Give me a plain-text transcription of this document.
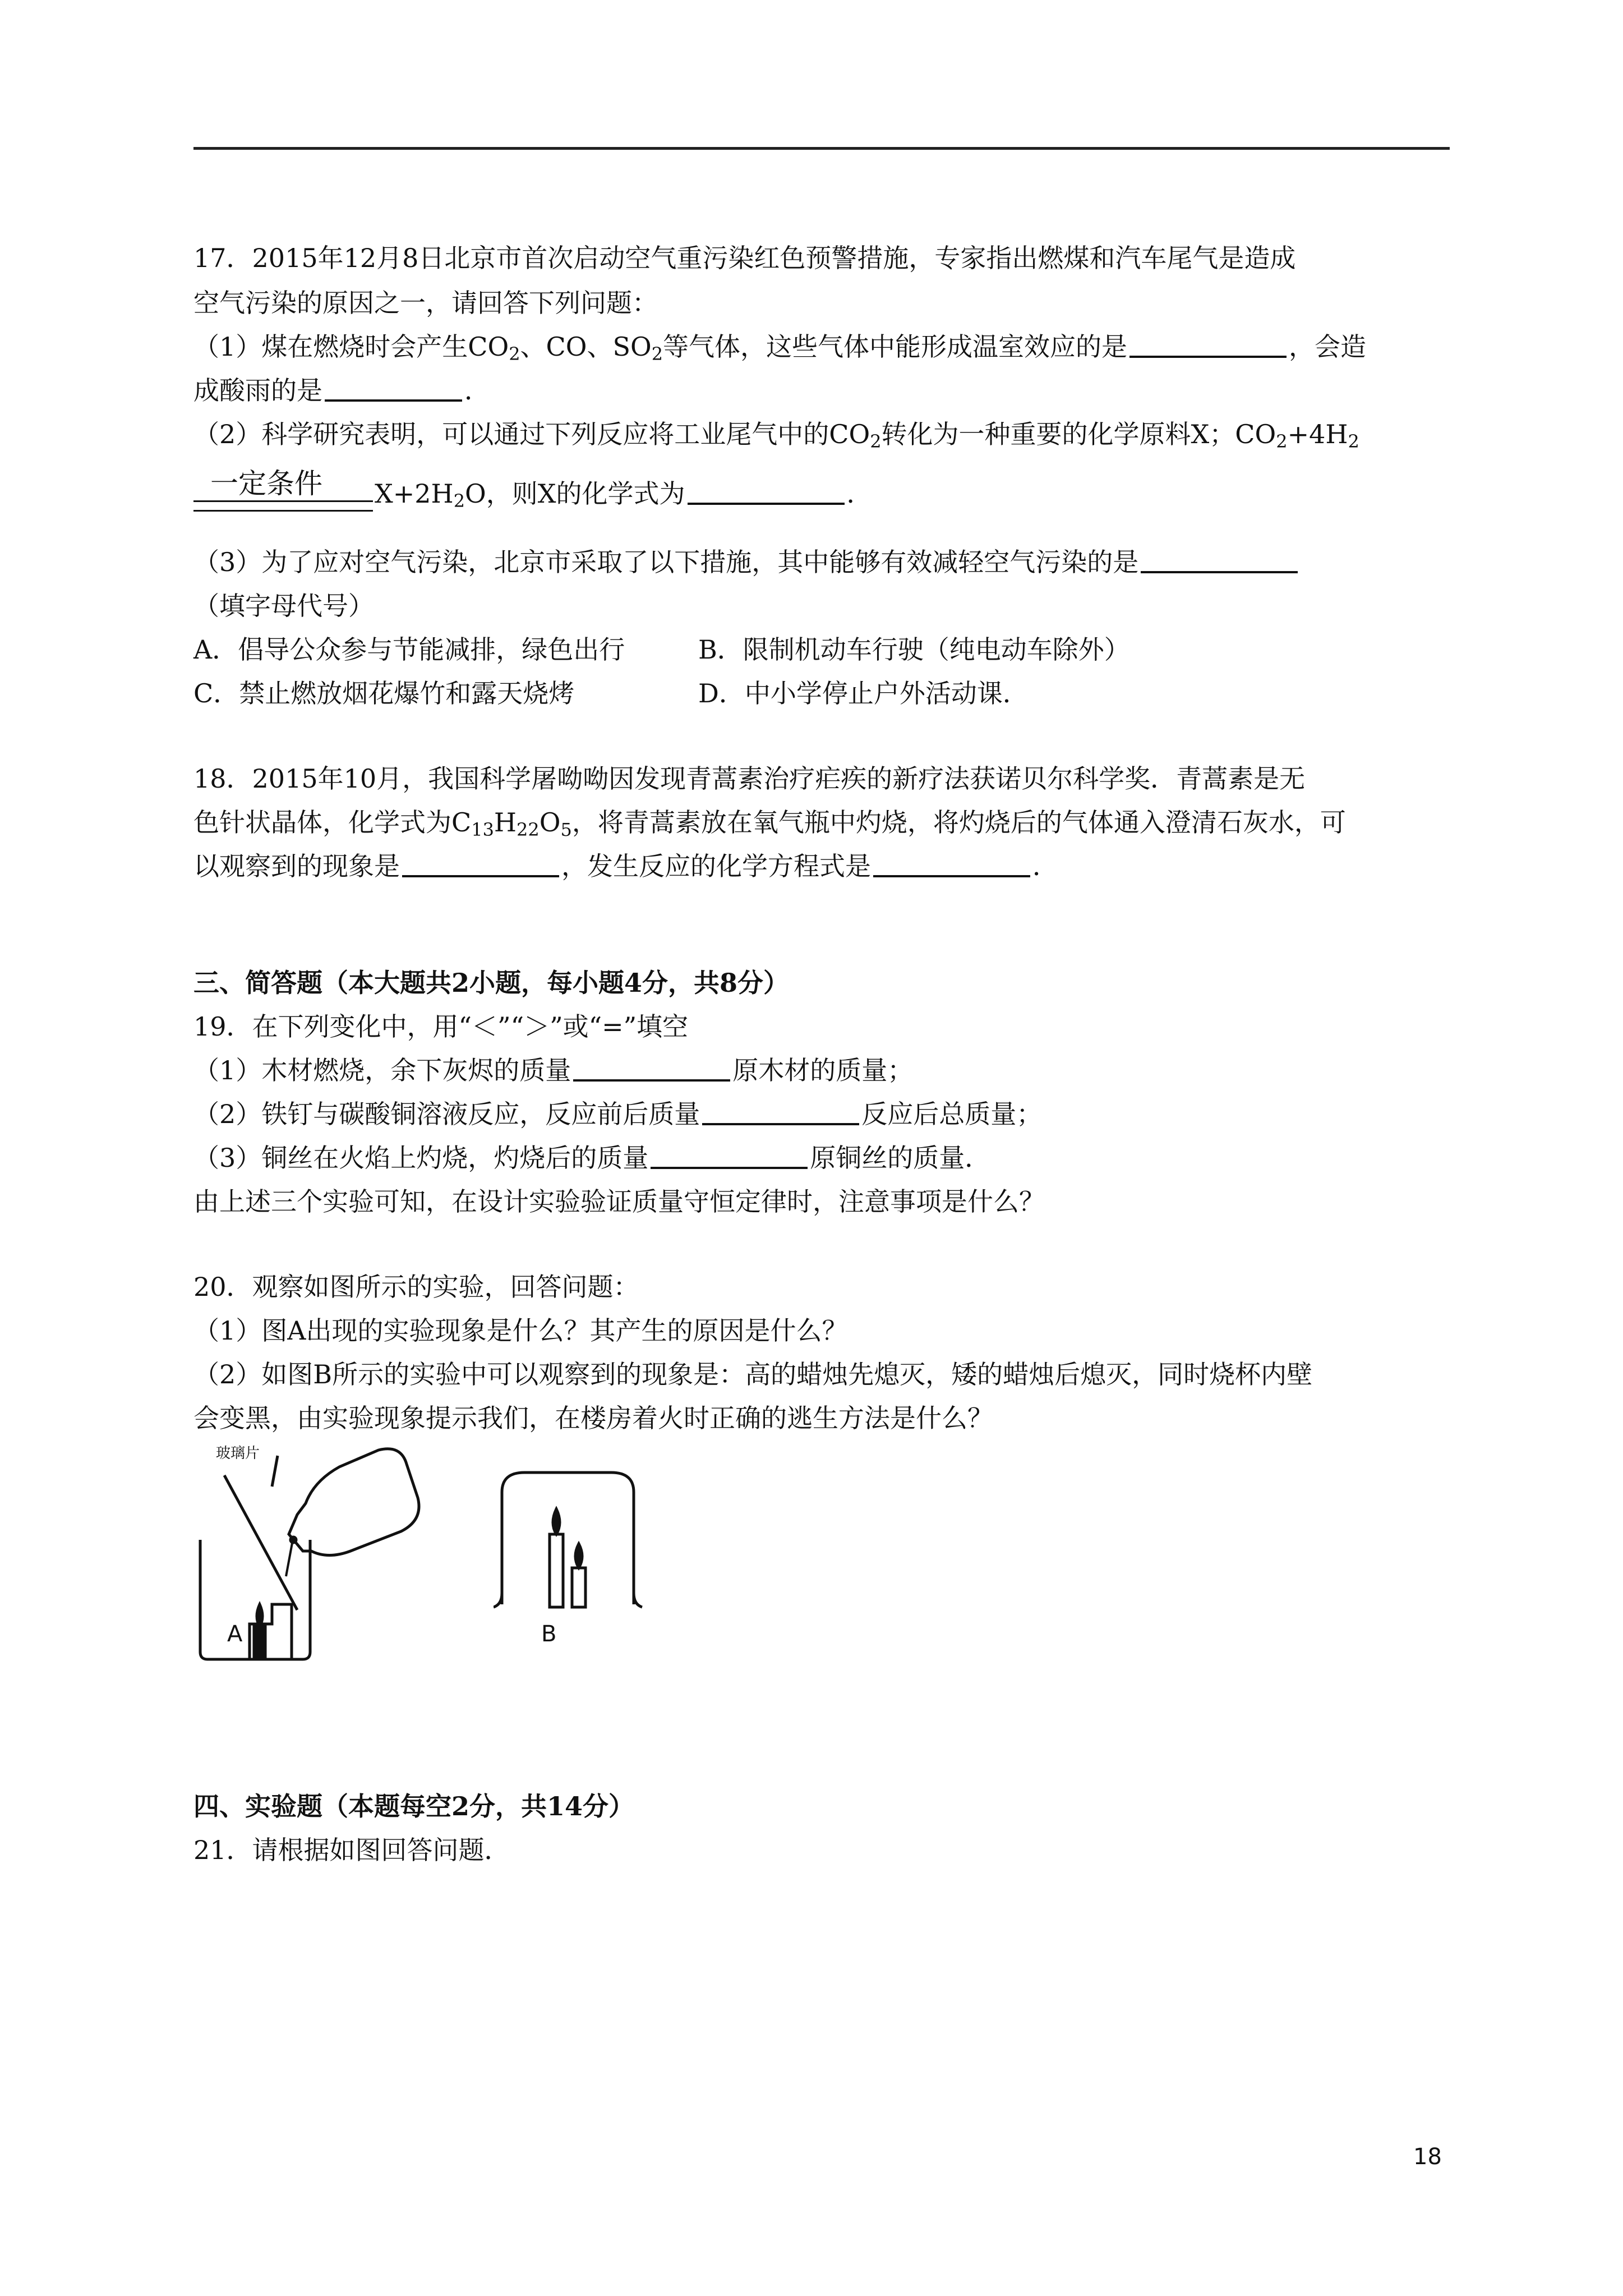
17．2015年12月8日北京市首次启动空气重污染红色预警措施，专家指出燃煤和汽车尾气是造成
空气污染的原因之一，请回答下列问题：
（1）煤在燃烧时会产生$CO_2$、CO、$SO_2$等气体，这些气体中能形成温室效应的是	，会造
成酸雨的是	．
（2）科学研究表明，可以通过下列反应将工业尾气中的$CO_2$转化为一种重要的化学原料X；$CO_2+4H_2$
一定条件 $X+2H_2O$，则X的化学式为	．
（3）为了应对空气污染，北京市采取了以下措施，其中能够有效减轻空气污染的是
（填字母代号）
A．倡导公众参与节能减排，绿色出行	B．限制机动车行驶（纯电动车除外）
C．禁止燃放烟花爆竹和露天烧烤	D．中小学停止户外活动课．
18．2015年10月，我国科学屠呦呦因发现青蒿素治疗疟疾的新疗法获诺贝尔科学奖．青蒿素是无
色针状晶体，化学式为$C_{13}H_{22}O_5$，将青蒿素放在氧气瓶中灼烧，将灼烧后的气体通入澄清石灰水，可
以观察到的现象是	，发生反应的化学方程式是	．
三、简答题（本大题共2小题，每小题4分，共8分）
19．在下列变化中，用“＜”“＞”或“=”填空
（1）木材燃烧，余下灰烬的质量	原木材的质量；
（2）铁钉与碳酸铜溶液反应，反应前后质量	反应后总质量；
（3）铜丝在火焰上灼烧，灼烧后的质量	原铜丝的质量．
由上述三个实验可知，在设计实验验证质量守恒定律时，注意事项是什么？
20．观察如图所示的实验，回答问题：
（1）图A出现的实验现象是什么？其产生的原因是什么？
（2）如图B所示的实验中可以观察到的现象是：高的蜡烛先熄灭，矮的蜡烛后熄灭，同时烧杯内壁
会变黑，由实验现象提示我们，在楼房着火时正确的逃生方法是什么？
玻璃片
A	B
四、实验题（本题每空2分，共14分）
21．请根据如图回答问题．
18
